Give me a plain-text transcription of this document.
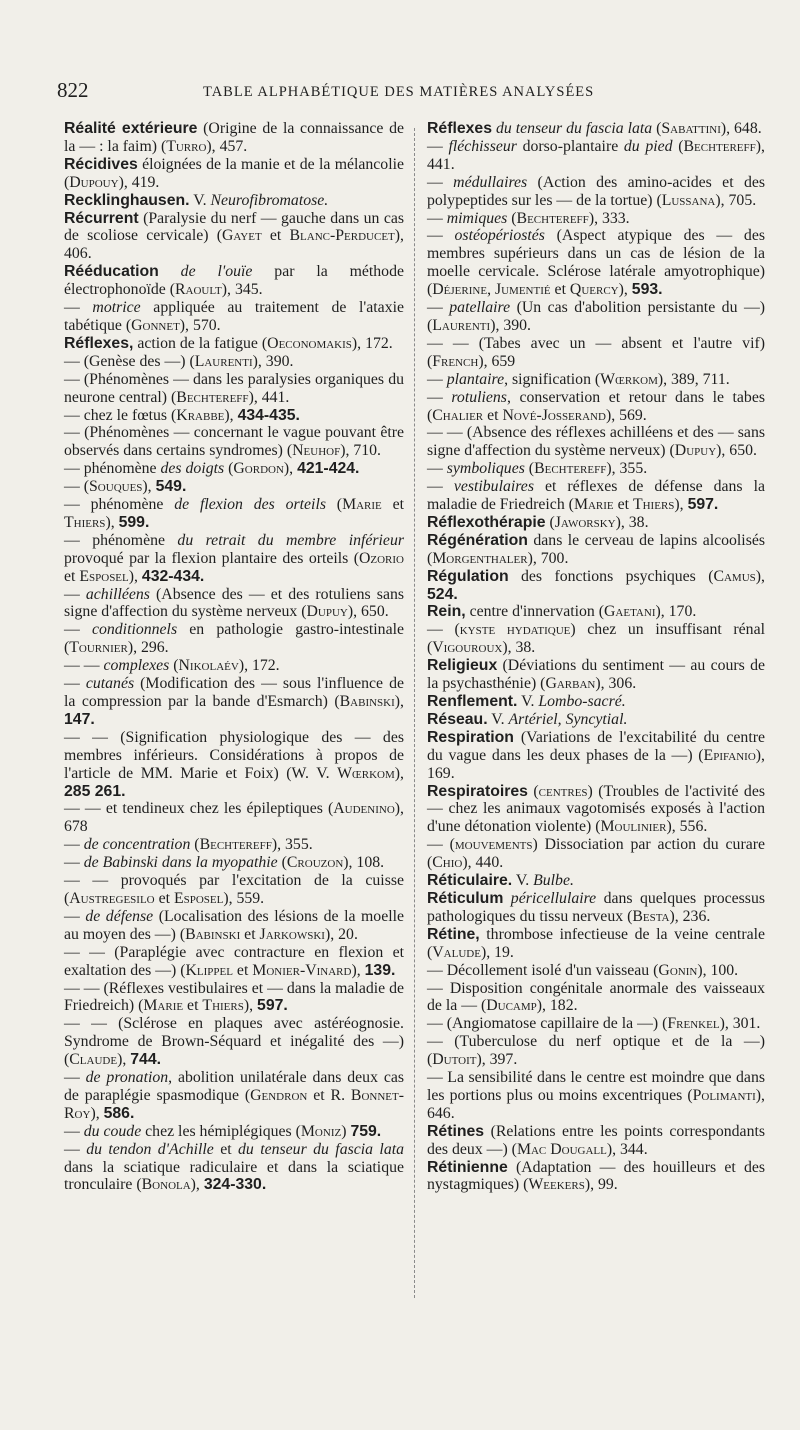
822	TABLE ALPHABÉTIQUE DES MATIÈRES ANALYSÉES

Réalité extérieure (Origine de la connaissance de la — : la faim) (Turro), 457.

Récidives éloignées de la manie et de la mélancolie (Dupouy), 419.

Recklinghausen. V. Neurofibromatose.

Récurrent (Paralysie du nerf — gauche dans un cas de scoliose cervicale) (Gayet et Blanc-Perducet), 406.

Rééducation de l'ouïe par la méthode électrophonoïde (Raoult), 345.

— motrice appliquée au traitement de l'ataxie tabétique (Gonnet), 570.

Réflexes, action de la fatigue (Oeconomakis), 172.

— (Genèse des —) (Laurenti), 390.

— (Phénomènes — dans les paralysies organiques du neurone central) (Bechtereff), 441.

— chez le fœtus (Krabbe), 434-435.

— (Phénomènes — concernant le vague pouvant être observés dans certains syndromes) (Neuhof), 710.

— phénomène des doigts (Gordon), 421-424.

— (Souques), 549.

— phénomène de flexion des orteils (Marie et Thiers), 599.

— phénomène du retrait du membre inférieur provoqué par la flexion plantaire des orteils (Ozorio et Esposel), 432-434.

— achilléens (Absence des — et des rotuliens sans signe d'affection du système nerveux (Dupuy), 650.

— conditionnels en pathologie gastro-intestinale (Tournier), 296.

— — complexes (Nikolaév), 172.

— cutanés (Modification des — sous l'influence de la compression par la bande d'Esmarch) (Babinski), 147.

— — (Signification physiologique des — des membres inférieurs. Considérations à propos de l'article de MM. Marie et Foix) (W. V. Wœrkom), 285 261.

— — et tendineux chez les épileptiques (Audenino), 678

— de concentration (Bechtereff), 355.

— de Babinski dans la myopathie (Crouzon), 108.

— — provoqués par l'excitation de la cuisse (Austregesilo et Esposel), 559.

— de défense (Localisation des lésions de la moelle au moyen des —) (Babinski et Jarkowski), 20.

— — (Paraplégie avec contracture en flexion et exaltation des —) (Klippel et Monier-Vinard), 139.

— — (Réflexes vestibulaires et — dans la maladie de Friedreich) (Marie et Thiers), 597.

— — (Sclérose en plaques avec astéréognosie. Syndrome de Brown-Séquard et inégalité des —) (Claude), 744.

— de pronation, abolition unilatérale dans deux cas de paraplégie spasmodique (Gendron et R. Bonnet-Roy), 586.

— du coude chez les hémiplégiques (Moniz) 759.

— du tendon d'Achille et du tenseur du fascia lata dans la sciatique radiculaire et dans la sciatique tronculaire (Bonola), 324-330.

Réflexes du tenseur du fascia lata (Sabattini), 648.

— fléchisseur dorso-plantaire du pied (Bechtereff), 441.

— médullaires (Action des amino-acides et des polypeptides sur les — de la tortue) (Lussana), 705.

— mimiques (Bechtereff), 333.

— ostéopériostés (Aspect atypique des — des membres supérieurs dans un cas de lésion de la moelle cervicale. Sclérose latérale amyotrophique) (Déjerine, Jumentié et Quercy), 593.

— patellaire (Un cas d'abolition persistante du —) (Laurenti), 390.

— — (Tabes avec un — absent et l'autre vif) (French), 659

— plantaire, signification (Wœrkom), 389, 711.

— rotuliens, conservation et retour dans le tabes (Chalier et Nové-Josserand), 569.

— — (Absence des réflexes achilléens et des — sans signe d'affection du système nerveux) (Dupuy), 650.

— symboliques (Bechtereff), 355.

— vestibulaires et réflexes de défense dans la maladie de Friedreich (Marie et Thiers), 597.

Réflexothérapie (Jaworsky), 38.

Régénération dans le cerveau de lapins alcoolisés (Morgenthaler), 700.

Régulation des fonctions psychiques (Camus), 524.

Rein, centre d'innervation (Gaetani), 170.

— (kyste hydatique) chez un insuffisant rénal (Vigouroux), 38.

Religieux (Déviations du sentiment — au cours de la psychasthénie) (Garban), 306.

Renflement. V. Lombo-sacré.

Réseau. V. Artériel, Syncytial.

Respiration (Variations de l'excitabilité du centre du vague dans les deux phases de la —) (Epifanio), 169.

Respiratoires (centres) (Troubles de l'activité des — chez les animaux vagotomisés exposés à l'action d'une détonation violente) (Moulinier), 556.

— (mouvements) Dissociation par action du curare (Chio), 440.

Réticulaire. V. Bulbe.

Réticulum péricellulaire dans quelques processus pathologiques du tissu nerveux (Besta), 236.

Rétine, thrombose infectieuse de la veine centrale (Valude), 19.

— Décollement isolé d'un vaisseau (Gonin), 100.

— Disposition congénitale anormale des vaisseaux de la — (Ducamp), 182.

— (Angiomatose capillaire de la —) (Frenkel), 301.

— (Tuberculose du nerf optique et de la —) (Dutoit), 397.

— La sensibilité dans le centre est moindre que dans les portions plus ou moins excentriques (Polimanti), 646.

Rétines (Relations entre les points correspondants des deux —) (Mac Dougall), 344.

Rétinienne (Adaptation — des houilleurs et des nystagmiques) (Weekers), 99.
